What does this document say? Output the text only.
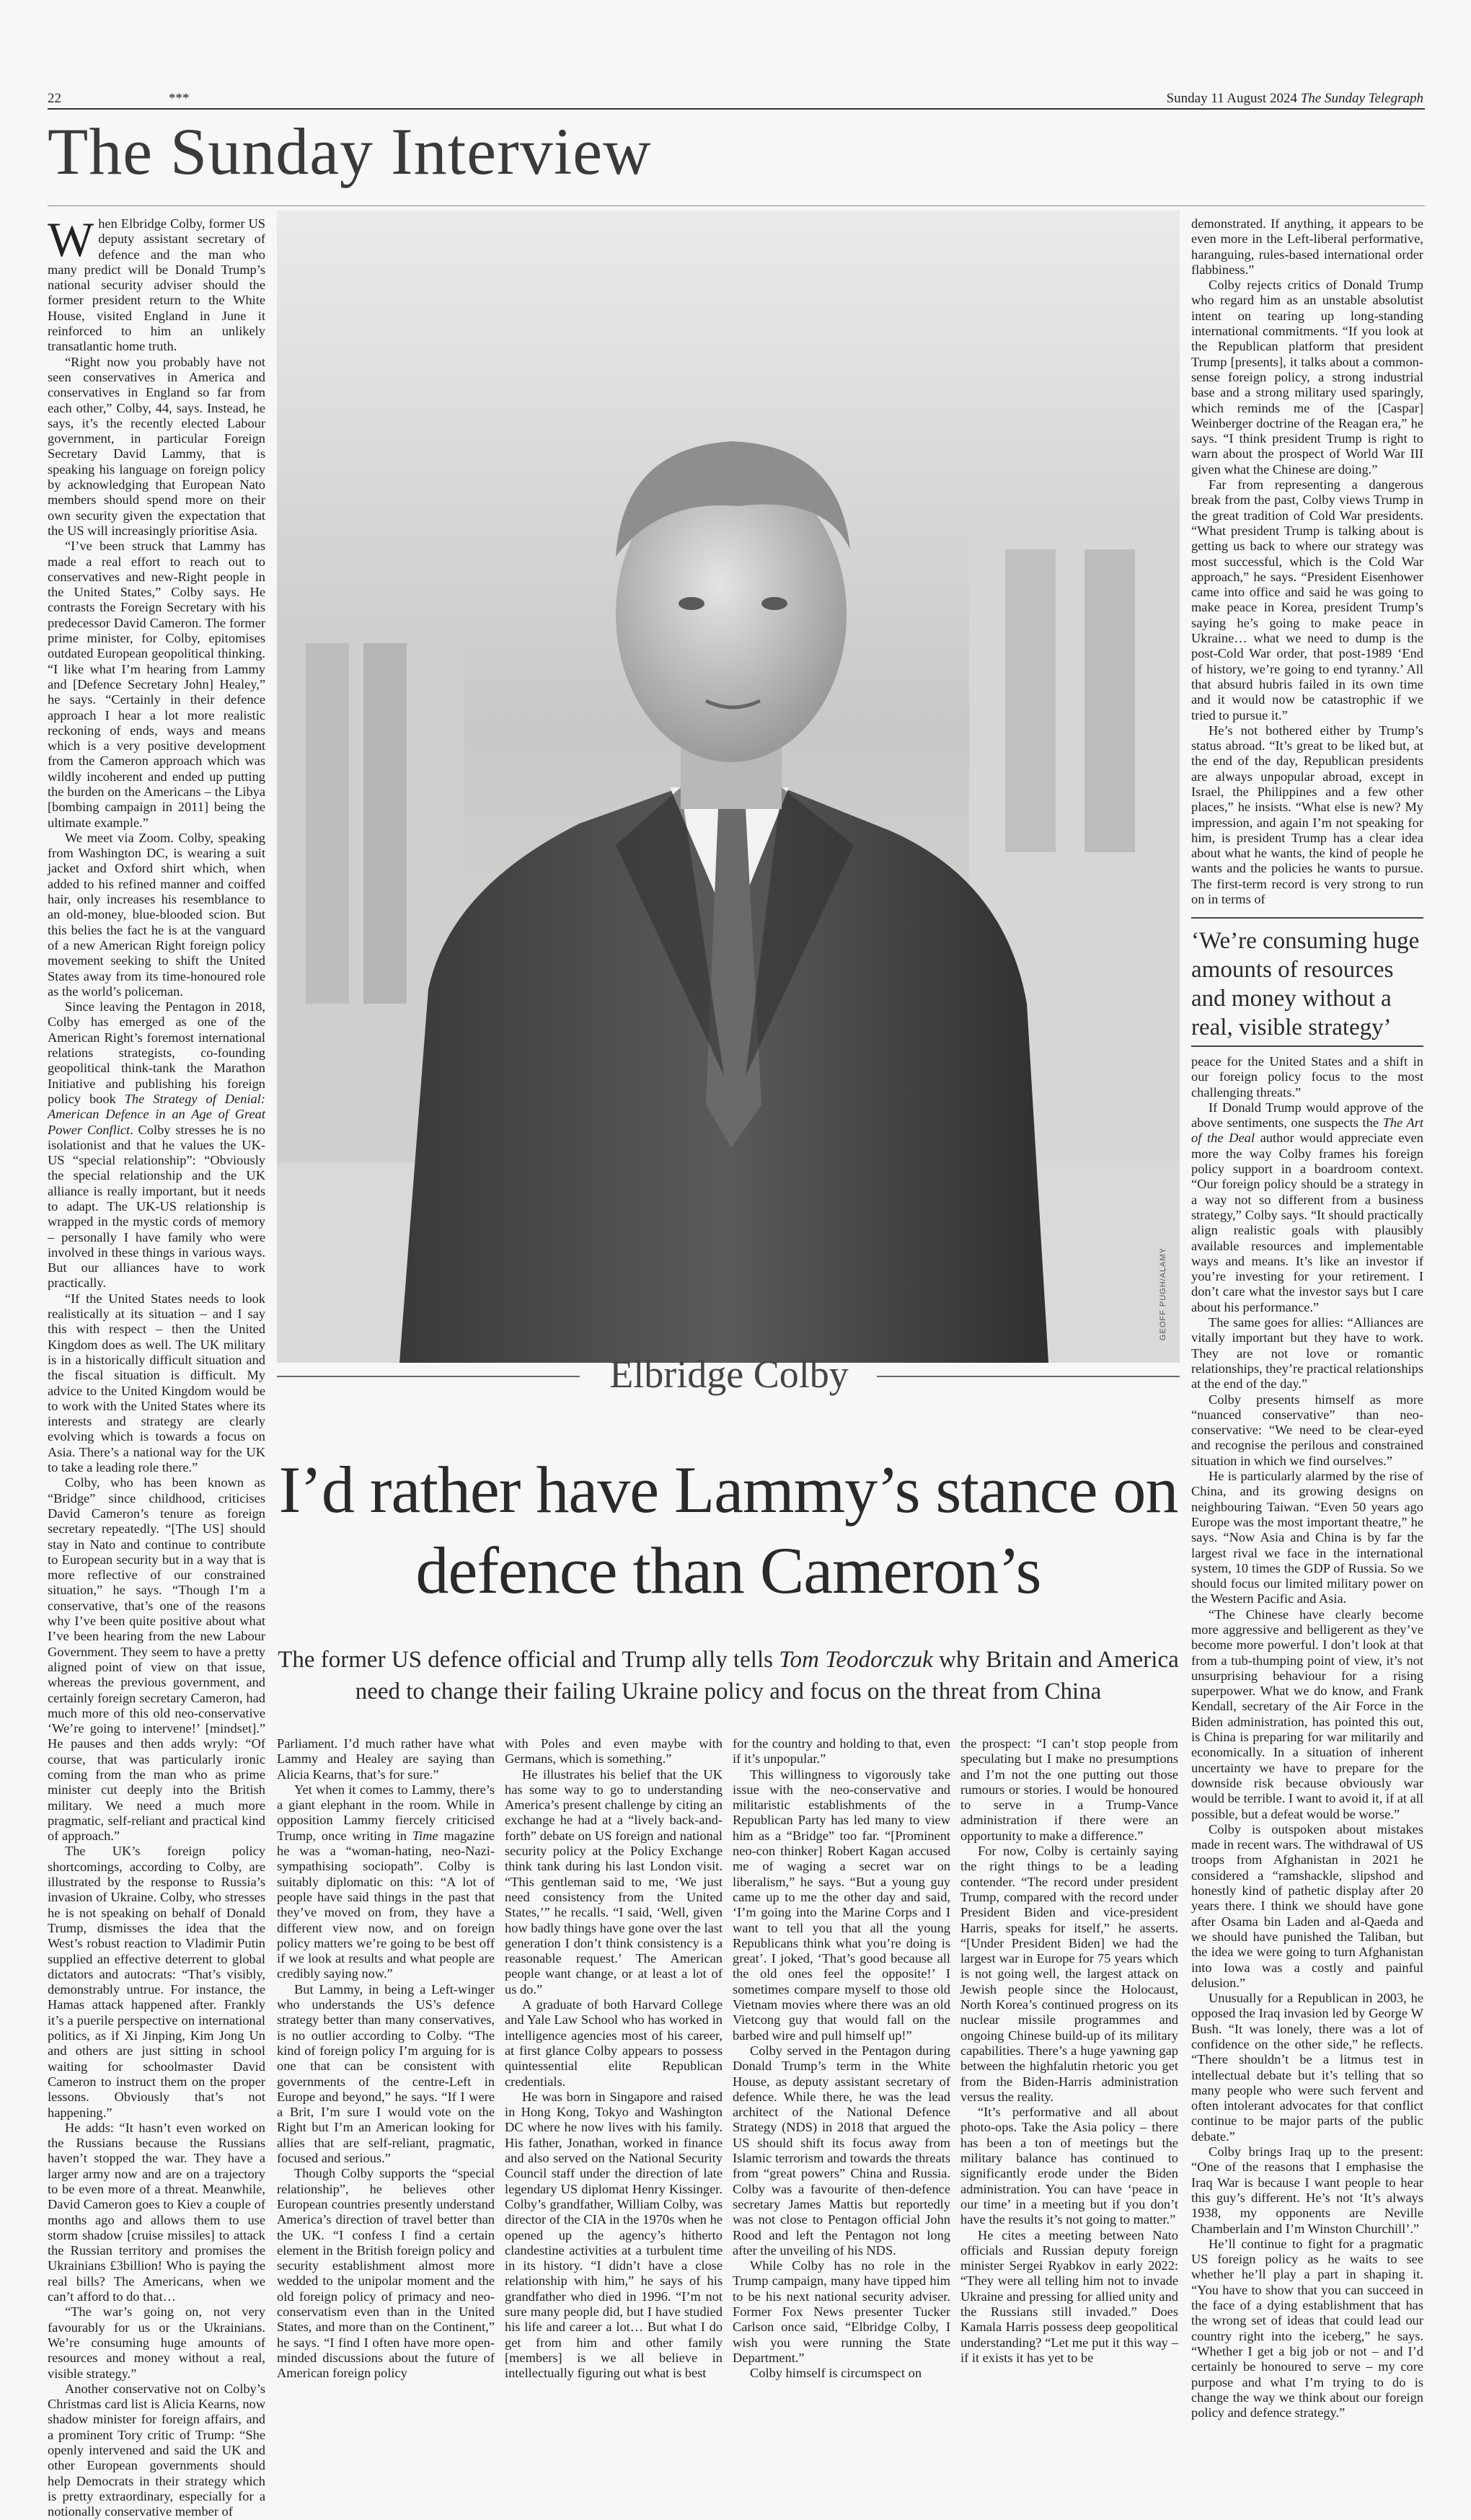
22	***	Sunday 11 August 2024 The Sunday Telegraph
The Sunday Interview
GEOFF PUGH/ALAMY
Elbridge Colby
I’d rather have Lammy’s stance on defence than Cameron’s
The former US defence official and Trump ally tells Tom Teodorczuk why Britain and America need to change their failing Ukraine policy and focus on the threat from China

When Elbridge Colby, former US deputy assistant secretary of defence and the man who many predict will be Donald Trump’s national security adviser should the former president return to the White House, visited England in June it reinforced to him an unlikely transatlantic home truth.

“Right now you probably have not seen conservatives in America and conservatives in England so far from each other,” Colby, 44, says. Instead, he says, it’s the recently elected Labour government, in particular Foreign Secretary David Lammy, that is speaking his language on foreign policy by acknowledging that European Nato members should spend more on their own security given the expectation that the US will increasingly prioritise Asia.

“I’ve been struck that Lammy has made a real effort to reach out to conservatives and new-Right people in the United States,” Colby says. He contrasts the Foreign Secretary with his predecessor David Cameron. The former prime minister, for Colby, epitomises outdated European geopolitical thinking. “I like what I’m hearing from Lammy and [Defence Secretary John] Healey,” he says. “Certainly in their defence approach I hear a lot more realistic reckoning of ends, ways and means which is a very positive development from the Cameron approach which was wildly incoherent and ended up putting the burden on the Americans – the Libya [bombing campaign in 2011] being the ultimate example.”

We meet via Zoom. Colby, speaking from Washington DC, is wearing a suit jacket and Oxford shirt which, when added to his refined manner and coiffed hair, only increases his resemblance to an old-money, blue-blooded scion. But this belies the fact he is at the vanguard of a new American Right foreign policy movement seeking to shift the United States away from its time-honoured role as the world’s policeman.

Since leaving the Pentagon in 2018, Colby has emerged as one of the American Right’s foremost international relations strategists, co-founding geopolitical think-tank the Marathon Initiative and publishing his foreign policy book The Strategy of Denial: American Defence in an Age of Great Power Conflict. Colby stresses he is no isolationist and that he values the UK-US “special relationship”: “Obviously the special relationship and the UK alliance is really important, but it needs to adapt. The UK-US relationship is wrapped in the mystic cords of memory – personally I have family who were involved in these things in various ways. But our alliances have to work practically.

“If the United States needs to look realistically at its situation – and I say this with respect – then the United Kingdom does as well. The UK military is in a historically difficult situation and the fiscal situation is difficult. My advice to the United Kingdom would be to work with the United States where its interests and strategy are clearly evolving which is towards a focus on Asia. There’s a national way for the UK to take a leading role there.”

Colby, who has been known as “Bridge” since childhood, criticises David Cameron’s tenure as foreign secretary repeatedly. “[The US] should stay in Nato and continue to contribute to European security but in a way that is more reflective of our constrained situation,” he says. “Though I’m a conservative, that’s one of the reasons why I’ve been quite positive about what I’ve been hearing from the new Labour Government. They seem to have a pretty aligned point of view on that issue, whereas the previous government, and certainly foreign secretary Cameron, had much more of this old neo-conservative ‘We’re going to intervene!’ [mindset].” He pauses and then adds wryly: “Of course, that was particularly ironic coming from the man who as prime minister cut deeply into the British military. We need a much more pragmatic, self-reliant and practical kind of approach.”

The UK’s foreign policy shortcomings, according to Colby, are illustrated by the response to Russia’s invasion of Ukraine. Colby, who stresses he is not speaking on behalf of Donald Trump, dismisses the idea that the West’s robust reaction to Vladimir Putin supplied an effective deterrent to global dictators and autocrats: “That’s visibly, demonstrably untrue. For instance, the Hamas attack happened after. Frankly it’s a puerile perspective on international politics, as if Xi Jinping, Kim Jong Un and others are just sitting in school waiting for schoolmaster David Cameron to instruct them on the proper lessons. Obviously that’s not happening.”

He adds: “It hasn’t even worked on the Russians because the Russians haven’t stopped the war. They have a larger army now and are on a trajectory to be even more of a threat. Meanwhile, David Cameron goes to Kiev a couple of months ago and allows them to use storm shadow [cruise missiles] to attack the Russian territory and promises the Ukrainians £3billion! Who is paying the real bills? The Americans, when we can’t afford to do that…

“The war’s going on, not very favourably for us or the Ukrainians. We’re consuming huge amounts of resources and money without a real, visible strategy.”

Another conservative not on Colby’s Christmas card list is Alicia Kearns, now shadow minister for foreign affairs, and a prominent Tory critic of Trump: “She openly intervened and said the UK and other European governments should help Democrats in their strategy which is pretty extraordinary, especially for a notionally conservative member of

Parliament. I’d much rather have what Lammy and Healey are saying than Alicia Kearns, that’s for sure.”

Yet when it comes to Lammy, there’s a giant elephant in the room. While in opposition Lammy fiercely criticised Trump, once writing in Time magazine he was a “woman-hating, neo-Nazi-sympathising sociopath”. Colby is suitably diplomatic on this: “A lot of people have said things in the past that they’ve moved on from, they have a different view now, and on foreign policy matters we’re going to be best off if we look at results and what people are credibly saying now.”

But Lammy, in being a Left-winger who understands the US’s defence strategy better than many conservatives, is no outlier according to Colby. “The kind of foreign policy I’m arguing for is one that can be consistent with governments of the centre-Left in Europe and beyond,” he says. “If I were a Brit, I’m sure I would vote on the Right but I’m an American looking for allies that are self-reliant, pragmatic, focused and serious.”

Though Colby supports the “special relationship”, he believes other European countries presently understand America’s direction of travel better than the UK. “I confess I find a certain element in the British foreign policy and security establishment almost more wedded to the unipolar moment and the old foreign policy of primacy and neo-conservatism even than in the United States, and more than on the Continent,” he says. “I find I often have more open-minded discussions about the future of American foreign policy

with Poles and even maybe with Germans, which is something.”

He illustrates his belief that the UK has some way to go to understanding America’s present challenge by citing an exchange he had at a “lively back-and-forth” debate on US foreign and national security policy at the Policy Exchange think tank during his last London visit. “This gentleman said to me, ‘We just need consistency from the United States,’” he recalls. “I said, ‘Well, given how badly things have gone over the last generation I don’t think consistency is a reasonable request.’ The American people want change, or at least a lot of us do.”

A graduate of both Harvard College and Yale Law School who has worked in intelligence agencies most of his career, at first glance Colby appears to possess quintessential elite Republican credentials.

He was born in Singapore and raised in Hong Kong, Tokyo and Washington DC where he now lives with his family. His father, Jonathan, worked in finance and also served on the National Security Council staff under the direction of late legendary US diplomat Henry Kissinger. Colby’s grandfather, William Colby, was director of the CIA in the 1970s when he opened up the agency’s hitherto clandestine activities at a turbulent time in its history. “I didn’t have a close relationship with him,” he says of his grandfather who died in 1996. “I’m not sure many people did, but I have studied his life and career a lot… But what I do get from him and other family [members] is we all believe in intellectually figuring out what is best

for the country and holding to that, even if it’s unpopular.”

This willingness to vigorously take issue with the neo-conservative and militaristic establishments of the Republican Party has led many to view him as a “Bridge” too far. “[Prominent neo-con thinker] Robert Kagan accused me of waging a secret war on liberalism,” he says. “But a young guy came up to me the other day and said, ‘I’m going into the Marine Corps and I want to tell you that all the young Republicans think what you’re doing is great’. I joked, ‘That’s good because all the old ones feel the opposite!’ I sometimes compare myself to those old Vietnam movies where there was an old Vietcong guy that would fall on the barbed wire and pull himself up!”

Colby served in the Pentagon during Donald Trump’s term in the White House, as deputy assistant secretary of defence. While there, he was the lead architect of the National Defence Strategy (NDS) in 2018 that argued the US should shift its focus away from Islamic terrorism and towards the threats from “great powers” China and Russia. Colby was a favourite of then-defence secretary James Mattis but reportedly was not close to Pentagon official John Rood and left the Pentagon not long after the unveiling of his NDS.

While Colby has no role in the Trump campaign, many have tipped him to be his next national security adviser. Former Fox News presenter Tucker Carlson once said, “Elbridge Colby, I wish you were running the State Department.”

Colby himself is circumspect on

the prospect: “I can’t stop people from speculating but I make no presumptions and I’m not the one putting out those rumours or stories. I would be honoured to serve in a Trump-Vance administration if there were an opportunity to make a difference.”

For now, Colby is certainly saying the right things to be a leading contender. “The record under president Trump, compared with the record under President Biden and vice-president Harris, speaks for itself,” he asserts. “[Under President Biden] we had the largest war in Europe for 75 years which is not going well, the largest attack on Jewish people since the Holocaust, North Korea’s continued progress on its nuclear missile programmes and ongoing Chinese build-up of its military capabilities. There’s a huge yawning gap between the highfalutin rhetoric you get from the Biden-Harris administration versus the reality.

“It’s performative and all about photo-ops. Take the Asia policy – there has been a ton of meetings but the military balance has continued to significantly erode under the Biden administration. You can have ‘peace in our time’ in a meeting but if you don’t have the results it’s not going to matter.”

He cites a meeting between Nato officials and Russian deputy foreign minister Sergei Ryabkov in early 2022: “They were all telling him not to invade Ukraine and pressing for allied unity and the Russians still invaded.” Does Kamala Harris possess deep geopolitical understanding? “Let me put it this way – if it exists it has yet to be

demonstrated. If anything, it appears to be even more in the Left-liberal performative, haranguing, rules-based international order flabbiness.”

Colby rejects critics of Donald Trump who regard him as an unstable absolutist intent on tearing up long-standing international commitments. “If you look at the Republican platform that president Trump [presents], it talks about a common-sense foreign policy, a strong industrial base and a strong military used sparingly, which reminds me of the [Caspar] Weinberger doctrine of the Reagan era,” he says. “I think president Trump is right to warn about the prospect of World War III given what the Chinese are doing.”

Far from representing a dangerous break from the past, Colby views Trump in the great tradition of Cold War presidents. “What president Trump is talking about is getting us back to where our strategy was most successful, which is the Cold War approach,” he says. “President Eisenhower came into office and said he was going to make peace in Korea, president Trump’s saying he’s going to make peace in Ukraine… what we need to dump is the post-Cold War order, that post-1989 ‘End of history, we’re going to end tyranny.’ All that absurd hubris failed in its own time and it would now be catastrophic if we tried to pursue it.”

He’s not bothered either by Trump’s status abroad. “It’s great to be liked but, at the end of the day, Republican presidents are always unpopular abroad, except in Israel, the Philippines and a few other places,” he insists. “What else is new? My impression, and again I’m not speaking for him, is president Trump has a clear idea about what he wants, the kind of people he wants and the policies he wants to pursue. The first-term record is very strong to run on in terms of

‘We’re consuming huge amounts of resources and money without a real, visible strategy’

peace for the United States and a shift in our foreign policy focus to the most challenging threats.”

If Donald Trump would approve of the above sentiments, one suspects the The Art of the Deal author would appreciate even more the way Colby frames his foreign policy support in a boardroom context. “Our foreign policy should be a strategy in a way not so different from a business strategy,” Colby says. “It should practically align realistic goals with plausibly available resources and implementable ways and means. It’s like an investor if you’re investing for your retirement. I don’t care what the investor says but I care about his performance.”

The same goes for allies: “Alliances are vitally important but they have to work. They are not love or romantic relationships, they’re practical relationships at the end of the day.”

Colby presents himself as more “nuanced conservative” than neo-conservative: “We need to be clear-eyed and recognise the perilous and constrained situation in which we find ourselves.”

He is particularly alarmed by the rise of China, and its growing designs on neighbouring Taiwan. “Even 50 years ago Europe was the most important theatre,” he says. “Now Asia and China is by far the largest rival we face in the international system, 10 times the GDP of Russia. So we should focus our limited military power on the Western Pacific and Asia.

“The Chinese have clearly become more aggressive and belligerent as they’ve become more powerful. I don’t look at that from a tub-thumping point of view, it’s not unsurprising behaviour for a rising superpower. What we do know, and Frank Kendall, secretary of the Air Force in the Biden administration, has pointed this out, is China is preparing for war militarily and economically. In a situation of inherent uncertainty we have to prepare for the downside risk because obviously war would be terrible. I want to avoid it, if at all possible, but a defeat would be worse.”

Colby is outspoken about mistakes made in recent wars. The withdrawal of US troops from Afghanistan in 2021 he considered a “ramshackle, slipshod and honestly kind of pathetic display after 20 years there. I think we should have gone after Osama bin Laden and al-Qaeda and we should have punished the Taliban, but the idea we were going to turn Afghanistan into Iowa was a costly and painful delusion.”

Unusually for a Republican in 2003, he opposed the Iraq invasion led by George W Bush. “It was lonely, there was a lot of confidence on the other side,” he reflects. “There shouldn’t be a litmus test in intellectual debate but it’s telling that so many people who were such fervent and often intolerant advocates for that conflict continue to be major parts of the public debate.”

Colby brings Iraq up to the present: “One of the reasons that I emphasise the Iraq War is because I want people to hear this guy’s different. He’s not ‘It’s always 1938, my opponents are Neville Chamberlain and I’m Winston Churchill’.”

He’ll continue to fight for a pragmatic US foreign policy as he waits to see whether he’ll play a part in shaping it. “You have to show that you can succeed in the face of a dying establishment that has the wrong set of ideas that could lead our country right into the iceberg,” he says. “Whether I get a big job or not – and I’d certainly be honoured to serve – my core purpose and what I’m trying to do is change the way we think about our foreign policy and defence strategy.”
